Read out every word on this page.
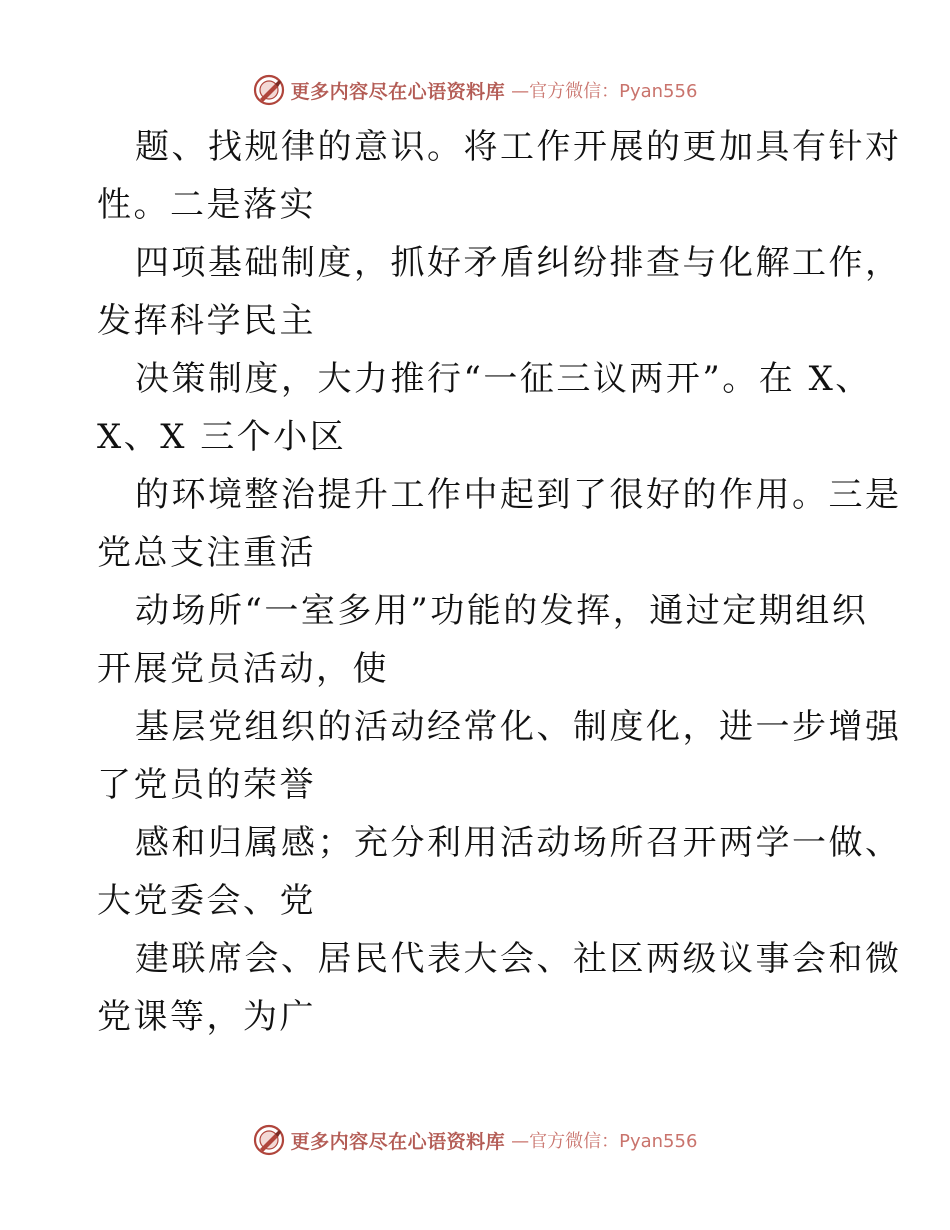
更多内容尽在心语资料库 —官方微信：Pyan556
题、找规律的意识。将工作开展的更加具有针对
性。二是落实
四项基础制度，抓好矛盾纠纷排查与化解工作，
发挥科学民主
决策制度，大力推行“一征三议两开”。在 X、
X、X 三个小区
的环境整治提升工作中起到了很好的作用。三是
党总支注重活
动场所“一室多用”功能的发挥，通过定期组织
开展党员活动，使
基层党组织的活动经常化、制度化，进一步增强
了党员的荣誉
感和归属感；充分利用活动场所召开两学一做、
大党委会、党
建联席会、居民代表大会、社区两级议事会和微
党课等，为广
更多内容尽在心语资料库 —官方微信：Pyan556
